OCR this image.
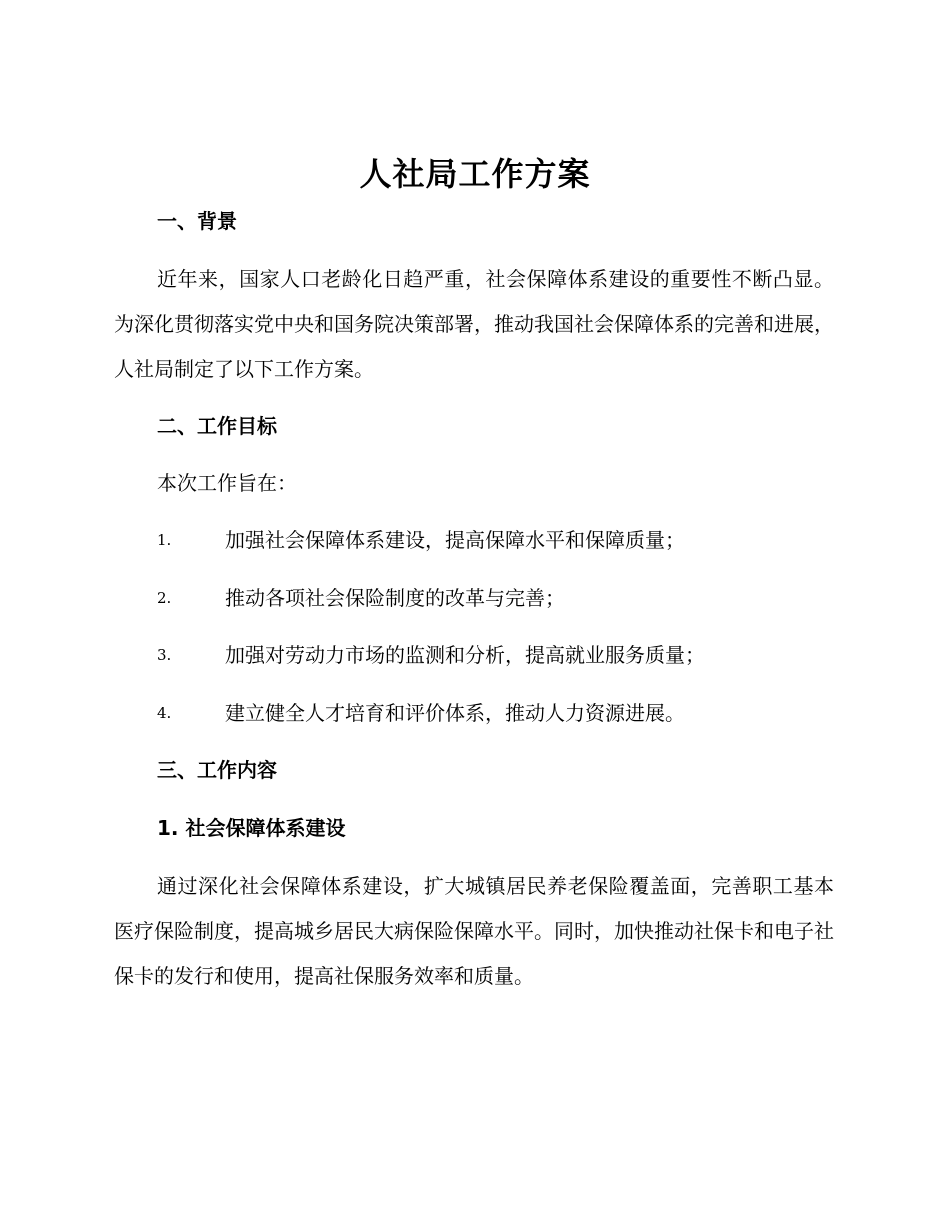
人社局工作方案
一、背景
近年来，国家人口老龄化日趋严重，社会保障体系建设的重要性不断凸显。为深化贯彻落实党中央和国务院决策部署，推动我国社会保障体系的完善和进展，人社局制定了以下工作方案。
二、工作目标
本次工作旨在：
1.	加强社会保障体系建设，提高保障水平和保障质量；
2.	推动各项社会保险制度的改革与完善；
3.	加强对劳动力市场的监测和分析，提高就业服务质量；
4.	建立健全人才培育和评价体系，推动人力资源进展。
三、工作内容
1. 社会保障体系建设
通过深化社会保障体系建设，扩大城镇居民养老保险覆盖面，完善职工基本医疗保险制度，提高城乡居民大病保险保障水平。同时，加快推动社保卡和电子社保卡的发行和使用，提高社保服务效率和质量。
